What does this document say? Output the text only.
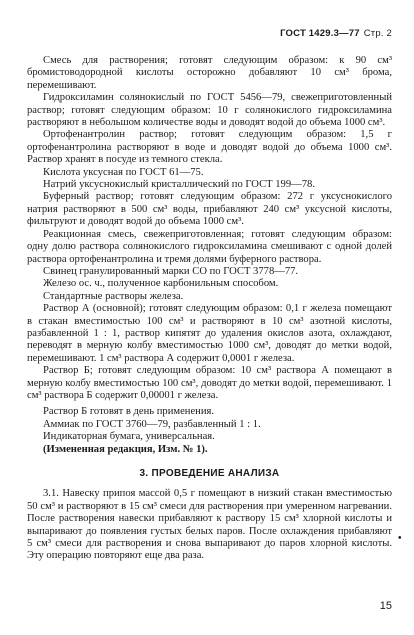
ГОСТ 1429.3—77 Стр. 2

Смесь для растворения; готовят следующим образом: к 90 см³ бромистоводородной кислоты осторожно добавляют 10 см³ брома, перемешивают.

Гидроксиламин солянокислый по ГОСТ 5456—79, свежеприготовленный раствор; готовят следующим образом: 10 г солянокислого гидроксиламина растворяют в небольшом количестве воды и доводят водой до объема 1000 см³.

Ортофенантролин раствор; готовят следующим образом: 1,5 г ортофенантролина растворяют в воде и доводят водой до объема 1000 см³. Раствор хранят в посуде из темного стекла.

Кислота уксусная по ГОСТ 61—75.

Натрий уксуснокислый кристаллический по ГОСТ 199—78.

Буферный раствор; готовят следующим образом: 272 г уксуснокислого натрия растворяют в 500 см³ воды, прибавляют 240 см³ уксусной кислоты, фильтруют и доводят водой до объема 1000 см³.

Реакционная смесь, свежеприготовленная; готовят следующим образом: одну долю раствора солянокислого гидроксиламина смешивают с одной долей раствора ортофенантролина и тремя долями буферного раствора.

Свинец гранулированный марки СО по ГОСТ 3778—77.

Железо ос. ч., полученное карбонильным способом.

Стандартные растворы железа.

Раствор А (основной); готовят следующим образом: 0,1 г железа помещают в стакан вместимостью 100 см³ и растворяют в 10 см³ азотной кислоты, разбавленной 1 : 1, раствор кипятят до удаления окислов азота, охлаждают, переводят в мерную колбу вместимостью 1000 см³, доводят до метки водой, перемешивают. 1 см³ раствора А содержит 0,0001 г железа.

Раствор Б; готовят следующим образом: 10 см³ раствора А помещают в мерную колбу вместимостью 100 см³, доводят до метки водой, перемешивают. 1 см³ раствора Б содержит 0,00001 г железа.

Раствор Б готовят в день применения.

Аммиак по ГОСТ 3760—79, разбавленный 1 : 1.

Индикаторная бумага, универсальная.

(Измененная редакция, Изм. № 1).

3. ПРОВЕДЕНИЕ АНАЛИЗА

3.1. Навеску припоя массой 0,5 г помещают в низкий стакан вместимостью 50 см³ и растворяют в 15 см³ смеси для растворения при умеренном нагревании. После растворения навески прибавляют к раствору 15 см³ хлорной кислоты и выпаривают до появления густых белых паров. После охлаждения прибавляют 5 см³ смеси для растворения и снова выпаривают до паров хлорной кислоты. Эту операцию повторяют еще два раза.

•
15
